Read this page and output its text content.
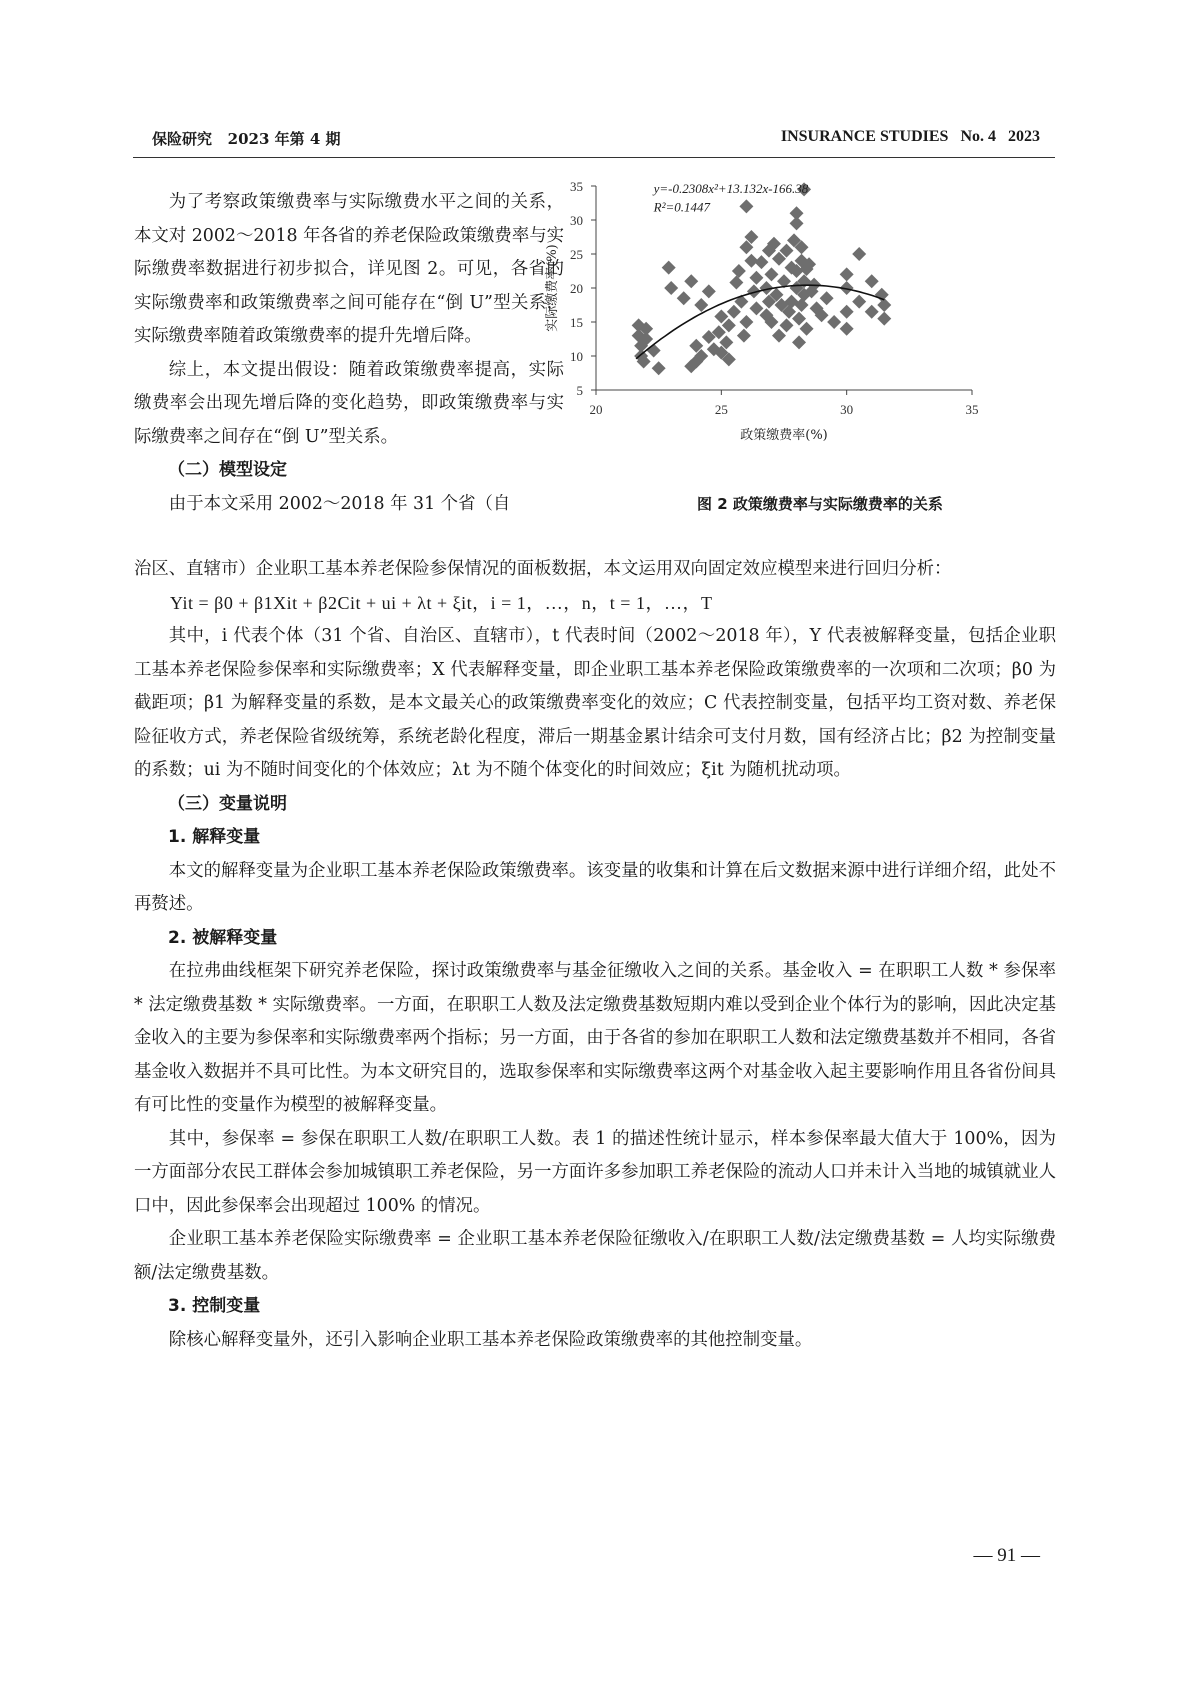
保险研究   2023 年第 4 期	INSURANCE STUDIES   No. 4   2023

为了考察政策缴费率与实际缴费水平之间的关系，本文对 2002～2018 年各省的养老保险政策缴费率与实际缴费率数据进行初步拟合，详见图 2。可见，各省的实际缴费率和政策缴费率之间可能存在“倒 U”型关系，实际缴费率随着政策缴费率的提升先增后降。

综上，本文提出假设：随着政策缴费率提高，实际缴费率会出现先增后降的变化趋势，即政策缴费率与实际缴费率之间存在“倒 U”型关系。

（二）模型设定

由于本文采用 2002～2018 年 31 个省（自

5
10
15
20
25
30
35
20	25	30	35
政策缴费率(%)
实际缴费率(%)
y=-0.2308x²+13.132x-166.38
R²=0.1447
图 2 政策缴费率与实际缴费率的关系

治区、直辖市）企业职工基本养老保险参保情况的面板数据，本文运用双向固定效应模型来进行回归分析：

Yit = β0 + β1Xit + β2Cit + ui + λt + ξit，i = 1，…，n，t = 1，…，T

其中，i 代表个体（31 个省、自治区、直辖市），t 代表时间（2002～2018 年），Y 代表被解释变量，包括企业职工基本养老保险参保率和实际缴费率；X 代表解释变量，即企业职工基本养老保险政策缴费率的一次项和二次项；β0 为截距项；β1 为解释变量的系数，是本文最关心的政策缴费率变化的效应；C 代表控制变量，包括平均工资对数、养老保险征收方式，养老保险省级统筹，系统老龄化程度，滞后一期基金累计结余可支付月数，国有经济占比；β2 为控制变量的系数；ui 为不随时间变化的个体效应；λt 为不随个体变化的时间效应；ξit 为随机扰动项。

（三）变量说明
1. 解释变量

本文的解释变量为企业职工基本养老保险政策缴费率。该变量的收集和计算在后文数据来源中进行详细介绍，此处不再赘述。

2. 被解释变量

在拉弗曲线框架下研究养老保险，探讨政策缴费率与基金征缴收入之间的关系。基金收入 = 在职职工人数 * 参保率 * 法定缴费基数 * 实际缴费率。一方面，在职职工人数及法定缴费基数短期内难以受到企业个体行为的影响，因此决定基金收入的主要为参保率和实际缴费率两个指标；另一方面，由于各省的参加在职职工人数和法定缴费基数并不相同，各省基金收入数据并不具可比性。为本文研究目的，选取参保率和实际缴费率这两个对基金收入起主要影响作用且各省份间具有可比性的变量作为模型的被解释变量。

其中，参保率 = 参保在职职工人数/在职职工人数。表 1 的描述性统计显示，样本参保率最大值大于 100%，因为一方面部分农民工群体会参加城镇职工养老保险，另一方面许多参加职工养老保险的流动人口并未计入当地的城镇就业人口中，因此参保率会出现超过 100% 的情况。

企业职工基本养老保险实际缴费率 = 企业职工基本养老保险征缴收入/在职职工人数/法定缴费基数 = 人均实际缴费额/法定缴费基数。

3. 控制变量

除核心解释变量外，还引入影响企业职工基本养老保险政策缴费率的其他控制变量。

— 91 —
